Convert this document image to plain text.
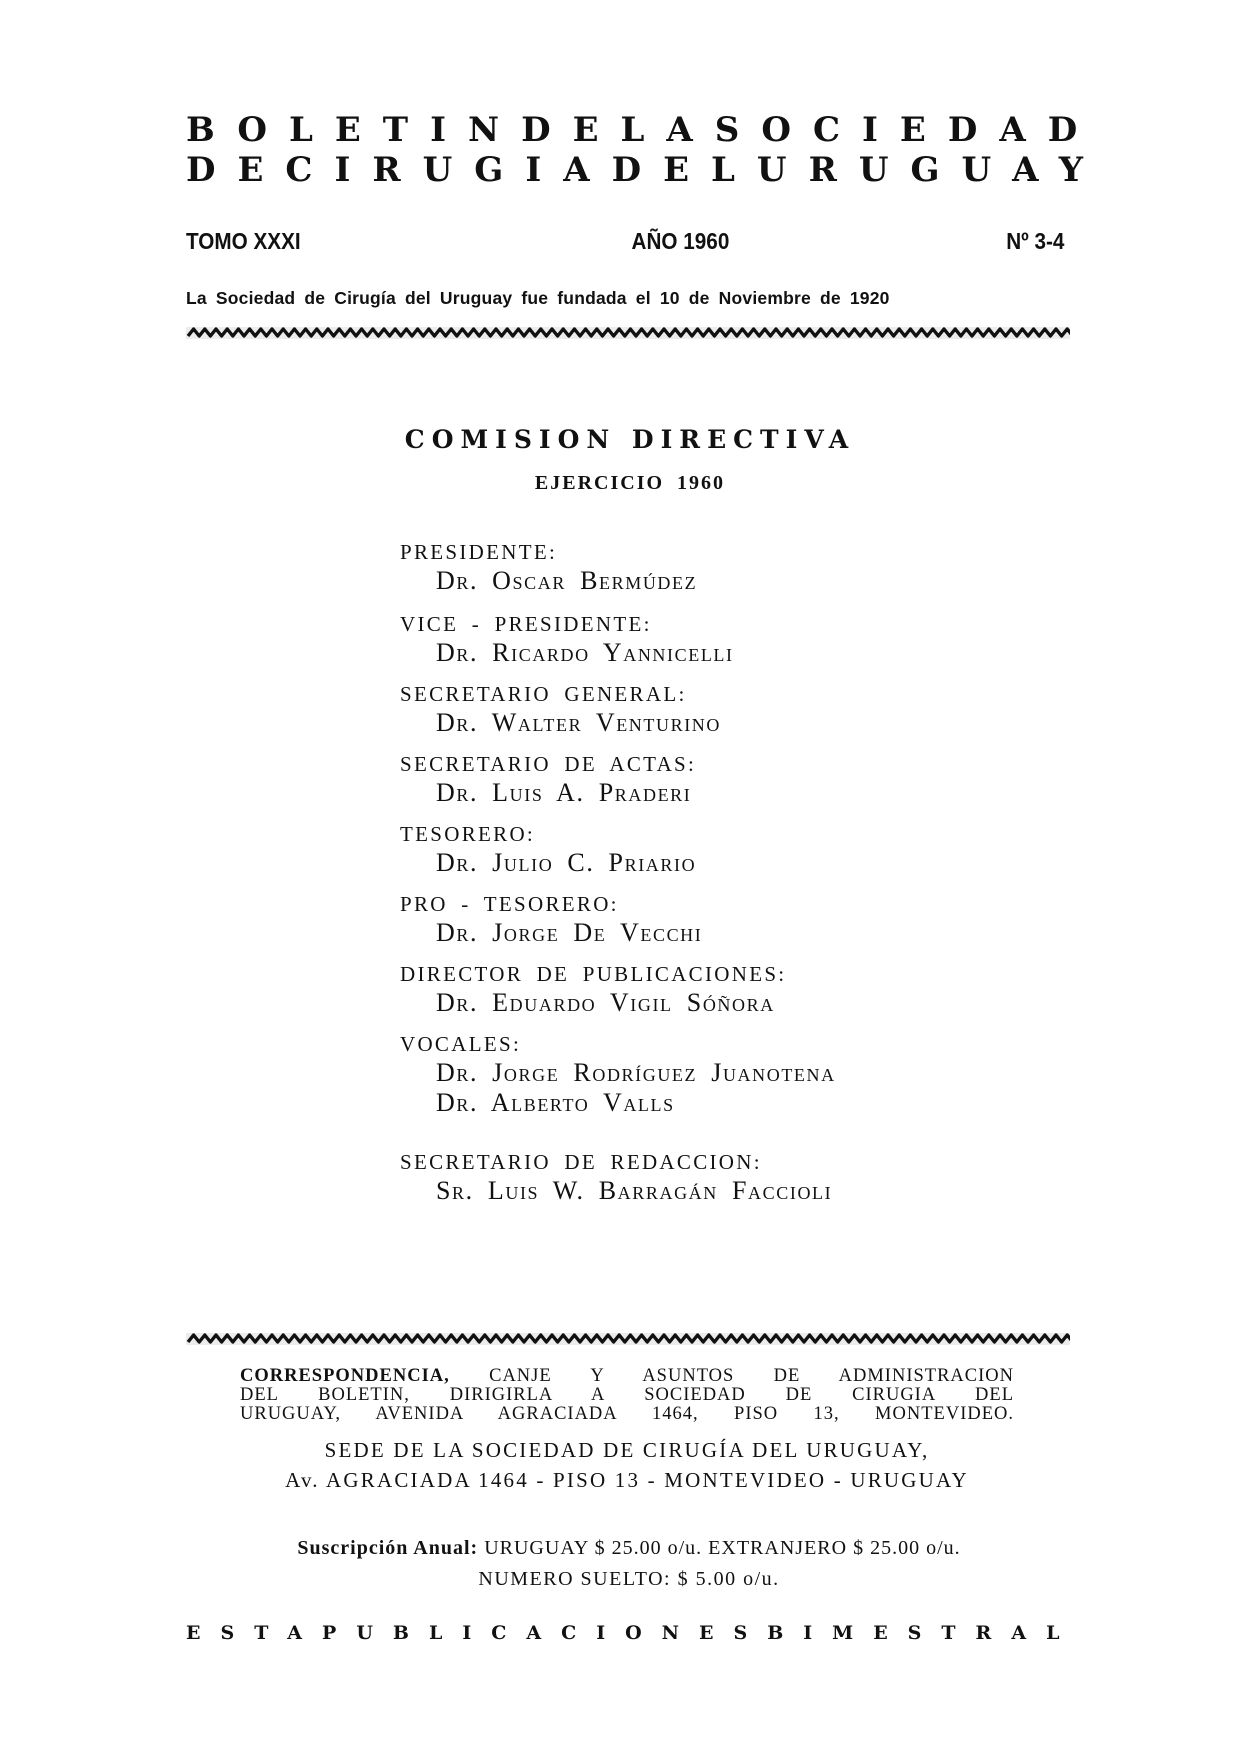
BOLETIN DE LA SOCIEDAD
DE CIRUGIA DEL URUGUAY
TOMO XXXI	AÑO 1960	Nº 3-4
La Sociedad de Cirugía del Uruguay fue fundada el 10 de Noviembre de 1920
COMISION DIRECTIVA
EJERCICIO 1960
PRESIDENTE:
Dr. Oscar Bermúdez
VICE - PRESIDENTE:
Dr. Ricardo Yannicelli
SECRETARIO GENERAL:
Dr. Walter Venturino
SECRETARIO DE ACTAS:
Dr. Luis A. Praderi
TESORERO:
Dr. Julio C. Priario
PRO - TESORERO:
Dr. Jorge De Vecchi
DIRECTOR DE PUBLICACIONES:
Dr. Eduardo Vigil Sóñora
VOCALES:
Dr. Jorge Rodríguez Juanotena
Dr. Alberto Valls
SECRETARIO DE REDACCION:
Sr. Luis W. Barragán Faccioli
CORRESPONDENCIA, CANJE Y ASUNTOS DE ADMINISTRACION
DEL BOLETIN, DIRIGIRLA A SOCIEDAD DE CIRUGIA DEL
URUGUAY, AVENIDA AGRACIADA 1464, PISO 13, MONTEVIDEO.
SEDE DE LA SOCIEDAD DE CIRUGÍA DEL URUGUAY,
Av. AGRACIADA 1464 - PISO 13 - MONTEVIDEO - URUGUAY
Suscripción Anual: URUGUAY $ 25.00 o/u. EXTRANJERO $ 25.00 o/u.
NUMERO SUELTO: $ 5.00 o/u.
ESTA PUBLICACION ES BIMESTRAL
